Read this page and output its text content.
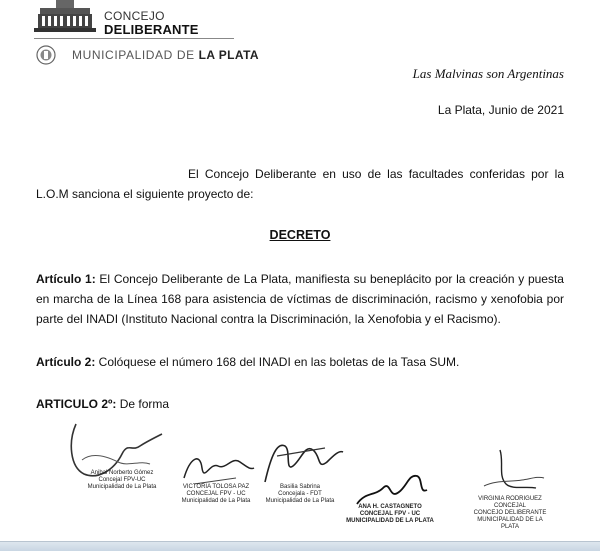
CONCEJO
DELIBERANTE
MUNICIPALIDAD DE LA PLATA
Las Malvinas son Argentinas
La Plata, Junio de 2021
El Concejo Deliberante en uso de las facultades conferidas por la L.O.M sanciona el siguiente proyecto de:
DECRETO
Artículo 1: El Concejo Deliberante de La Plata, manifiesta su beneplácito por la creación y puesta en marcha de la Línea 168 para asistencia de víctimas de discriminación, racismo y xenofobia por parte del INADI (Instituto Nacional contra la Discriminación, la Xenofobia y el Racismo).
Artículo 2: Colóquese el número 168 del INADI en las boletas de la Tasa SUM.
ARTICULO 2º: De forma
Anibal Norberto Gómez
Concejal FPV-UC
Municipalidad de La Plata	VICTORIA TOLOSA PAZ
CONCEJAL FPV - UC
Municipalidad de La Plata
Basilia Sabrina
Concejala - FDT
Municipalidad de La Plata
ANA H. CASTAGNETO
CONCEJAL FPV - UC
MUNICIPALIDAD DE LA PLATA
VIRGINIA RODRIGUEZ
CONCEJAL
CONCEJO DELIBERANTE
MUNICIPALIDAD DE LA PLATA
